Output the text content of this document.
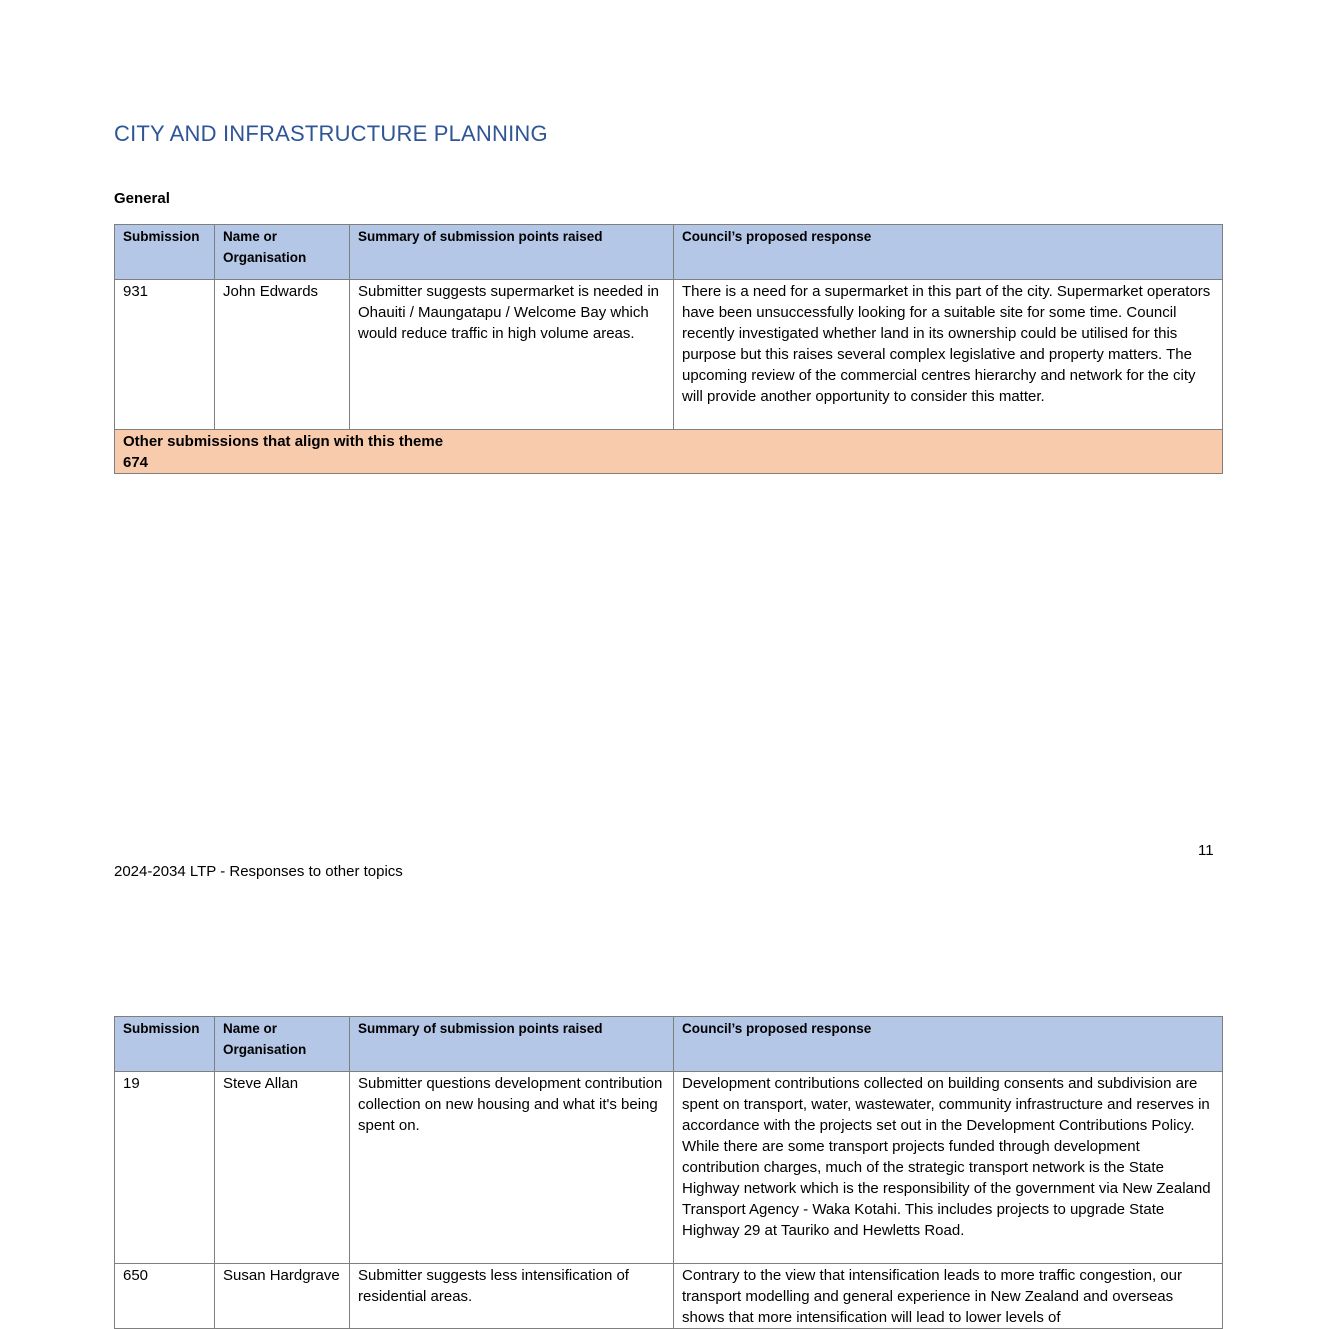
CITY AND INFRASTRUCTURE PLANNING
General
Submission	Name or Organisation	Summary of submission points raised	Council’s proposed response
931	John Edwards	Submitter suggests supermarket is needed in Ohauiti / Maungatapu / Welcome Bay which would reduce traffic in high volume areas.	There is a need for a supermarket in this part of the city. Supermarket operators have been unsuccessfully looking for a suitable site for some time. Council recently investigated whether land in its ownership could be utilised for this purpose but this raises several complex legislative and property matters. The upcoming review of the commercial centres hierarchy and network for the city will provide another opportunity to consider this matter.

Other submissions that align with this theme
674			
Submission	Name or Organisation	Summary of submission points raised	Council’s proposed response
19	Steve Allan	Submitter questions development contribution collection on new housing and what it's being spent on.	Development contributions collected on building consents and subdivision are spent on transport, water, wastewater, community infrastructure and reserves in accordance with the projects set out in the Development Contributions Policy. While there are some transport projects funded through development contribution charges, much of the strategic transport network is the State Highway network which is the responsibility of the government via New Zealand Transport Agency - Waka Kotahi. This includes projects to upgrade State Highway 29 at Tauriko and Hewletts Road.
650	Susan Hardgrave	Submitter suggests less intensification of residential areas.	Contrary to the view that intensification leads to more traffic congestion, our transport modelling and general experience in New Zealand and overseas shows that more intensification will lead to lower levels of
11
2024-2034 LTP - Responses to other topics
